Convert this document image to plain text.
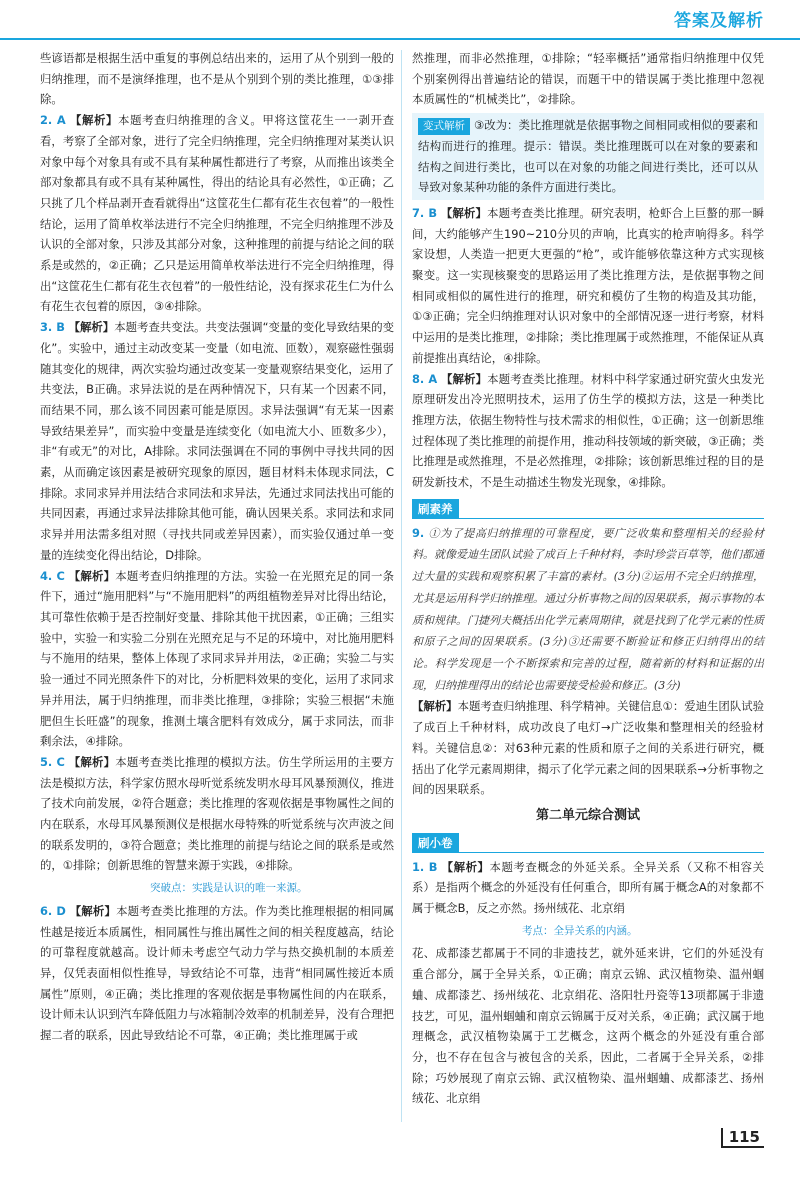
答案及解析

些谚语都是根据生活中重复的事例总结出来的，运用了从个别到一般的归纳推理，而不是演绎推理，也不是从个别到个别的类比推理，①③排除。

2. A 【解析】本题考查归纳推理的含义。甲将这筐花生一一剥开查看，考察了全部对象，进行了完全归纳推理，完全归纳推理对某类认识对象中每个对象具有或不具有某种属性都进行了考察，从而推出该类全部对象都具有或不具有某种属性，得出的结论具有必然性，①正确；乙只挑了几个样品剥开查看就得出“这筐花生仁都有花生衣包着”的一般性结论，运用了简单枚举法进行不完全归纳推理，不完全归纳推理不涉及认识的全部对象，只涉及其部分对象，这种推理的前提与结论之间的联系是或然的，②正确；乙只是运用简单枚举法进行不完全归纳推理，得出“这筐花生仁都有花生衣包着”的一般性结论，没有探求花生仁为什么有花生衣包着的原因，③④排除。

3. B 【解析】本题考查共变法。共变法强调“变量的变化导致结果的变化”。实验中，通过主动改变某一变量（如电流、匝数），观察磁性强弱随其变化的规律，两次实验均通过改变某一变量观察结果变化，运用了共变法，B正确。求异法说的是在两种情况下，只有某一个因素不同，而结果不同，那么该不同因素可能是原因。求异法强调“有无某一因素导致结果差异”，而实验中变量是连续变化（如电流大小、匝数多少），非“有或无”的对比，A排除。求同法强调在不同的事例中寻找共同的因素，从而确定该因素是被研究现象的原因，题目材料未体现求同法，C排除。求同求异并用法结合求同法和求异法，先通过求同法找出可能的共同因素，再通过求异法排除其他可能，确认因果关系。求同法和求同求异并用法需多组对照（寻找共同或差异因素），而实验仅通过单一变量的连续变化得出结论，D排除。

4. C 【解析】本题考查归纳推理的方法。实验一在光照充足的同一条件下，通过“施用肥料”与“不施用肥料”的两组植物差异对比得出结论，其可靠性依赖于是否控制好变量、排除其他干扰因素，①正确；三组实验中，实验一和实验二分别在光照充足与不足的环境中，对比施用肥料与不施用的结果，整体上体现了求同求异并用法，②正确；实验二与实验一通过不同光照条件下的对比，分析肥料效果的变化，运用了求同求异并用法，属于归纳推理，而非类比推理，③排除；实验三根据“未施肥但生长旺盛”的现象，推测土壤含肥料有效成分，属于求同法，而非剩余法，④排除。

5. C 【解析】本题考查类比推理的模拟方法。仿生学所运用的主要方法是模拟方法，科学家仿照水母听觉系统发明水母耳风暴预测仪，推进了技术向前发展，②符合题意；类比推理的客观依据是事物属性之间的内在联系，水母耳风暴预测仪是根据水母特殊的听觉系统与次声波之间的联系发明的，③符合题意；类比推理的前提与结论之间的联系是或然的，①排除；创新思维的智慧来源于实践，④排除。

突破点：实践是认识的唯一来源。

6. D 【解析】本题考查类比推理的方法。作为类比推理根据的相同属性越是接近本质属性，相同属性与推出属性之间的相关程度越高，结论的可靠程度就越高。设计师未考虑空气动力学与热交换机制的本质差异，仅凭表面相似性推导，导致结论不可靠，违背“相同属性接近本质属性”原则，④正确；类比推理的客观依据是事物属性间的内在联系，设计师未认识到汽车降低阻力与冰箱制冷效率的机制差异，没有合理把握二者的联系，因此导致结论不可靠，④正确；类比推理属于或

然推理，而非必然推理，①排除；“轻率概括”通常指归纳推理中仅凭个别案例得出普遍结论的错误，而题干中的错误属于类比推理中忽视本质属性的“机械类比”，②排除。

变式解析 ③改为：类比推理就是依据事物之间相同或相似的要素和结构而进行的推理。提示：错误。类比推理既可以在对象的要素和结构之间进行类比，也可以在对象的功能之间进行类比，还可以从导致对象某种功能的条件方面进行类比。

7. B 【解析】本题考查类比推理。研究表明，枪虾合上巨螯的那一瞬间，大约能够产生190~210分贝的声响，比真实的枪声响得多。科学家设想，人类造一把更大更强的“枪”，或许能够依靠这种方式实现核聚变。这一实现核聚变的思路运用了类比推理方法，是依据事物之间相同或相似的属性进行的推理，研究和模仿了生物的构造及其功能，①③正确；完全归纳推理对认识对象中的全部情况逐一进行考察，材料中运用的是类比推理，②排除；类比推理属于或然推理，不能保证从真前提推出真结论，④排除。

8. A 【解析】本题考查类比推理。材料中科学家通过研究萤火虫发光原理研发出冷光照明技术，运用了仿生学的模拟方法，这是一种类比推理方法，依据生物特性与技术需求的相似性，①正确；这一创新思维过程体现了类比推理的前提作用，推动科技领域的新突破，③正确；类比推理是或然推理，不是必然推理，②排除；该创新思维过程的目的是研发新技术，不是生动描述生物发光现象，④排除。

刷素养

9. ①为了提高归纳推理的可靠程度，要广泛收集和整理相关的经验材料。就像爱迪生团队试验了成百上千种材料，李时珍尝百草等，他们都通过大量的实践和观察积累了丰富的素材。(3分)②运用不完全归纳推理，尤其是运用科学归纳推理。通过分析事物之间的因果联系，揭示事物的本质和规律。门捷列夫概括出化学元素周期律，就是找到了化学元素的性质和原子之间的因果联系。(3分)③还需要不断验证和修正归纳得出的结论。科学发现是一个不断探索和完善的过程，随着新的材料和证据的出现，归纳推理得出的结论也需要接受检验和修正。(3分)

【解析】本题考查归纳推理、科学精神。关键信息①：爱迪生团队试验了成百上千种材料，成功改良了电灯→广泛收集和整理相关的经验材料。关键信息②：对63种元素的性质和原子之间的关系进行研究，概括出了化学元素周期律，揭示了化学元素之间的因果联系→分析事物之间的因果联系。

第二单元综合测试
刷小卷

1. B 【解析】本题考查概念的外延关系。全异关系（又称不相容关系）是指两个概念的外延没有任何重合，即所有属于概念A的对象都不属于概念B，反之亦然。扬州绒花、北京绢

考点：全异关系的内涵。

花、成都漆艺都属于不同的非遗技艺，就外延来讲，它们的外延没有重合部分，属于全异关系，①正确；南京云锦、武汉植物染、温州蝈蛐、成都漆艺、扬州绒花、北京绢花、洛阳牡丹瓷等13项都属于非遗技艺，可见，温州蝈蛐和南京云锦属于反对关系，④正确；武汉属于地理概念，武汉植物染属于工艺概念，这两个概念的外延没有重合部分，也不存在包含与被包含的关系，因此，二者属于全异关系，②排除；巧妙展现了南京云锦、武汉植物染、温州蝈蛐、成都漆艺、扬州绒花、北京绢

115
